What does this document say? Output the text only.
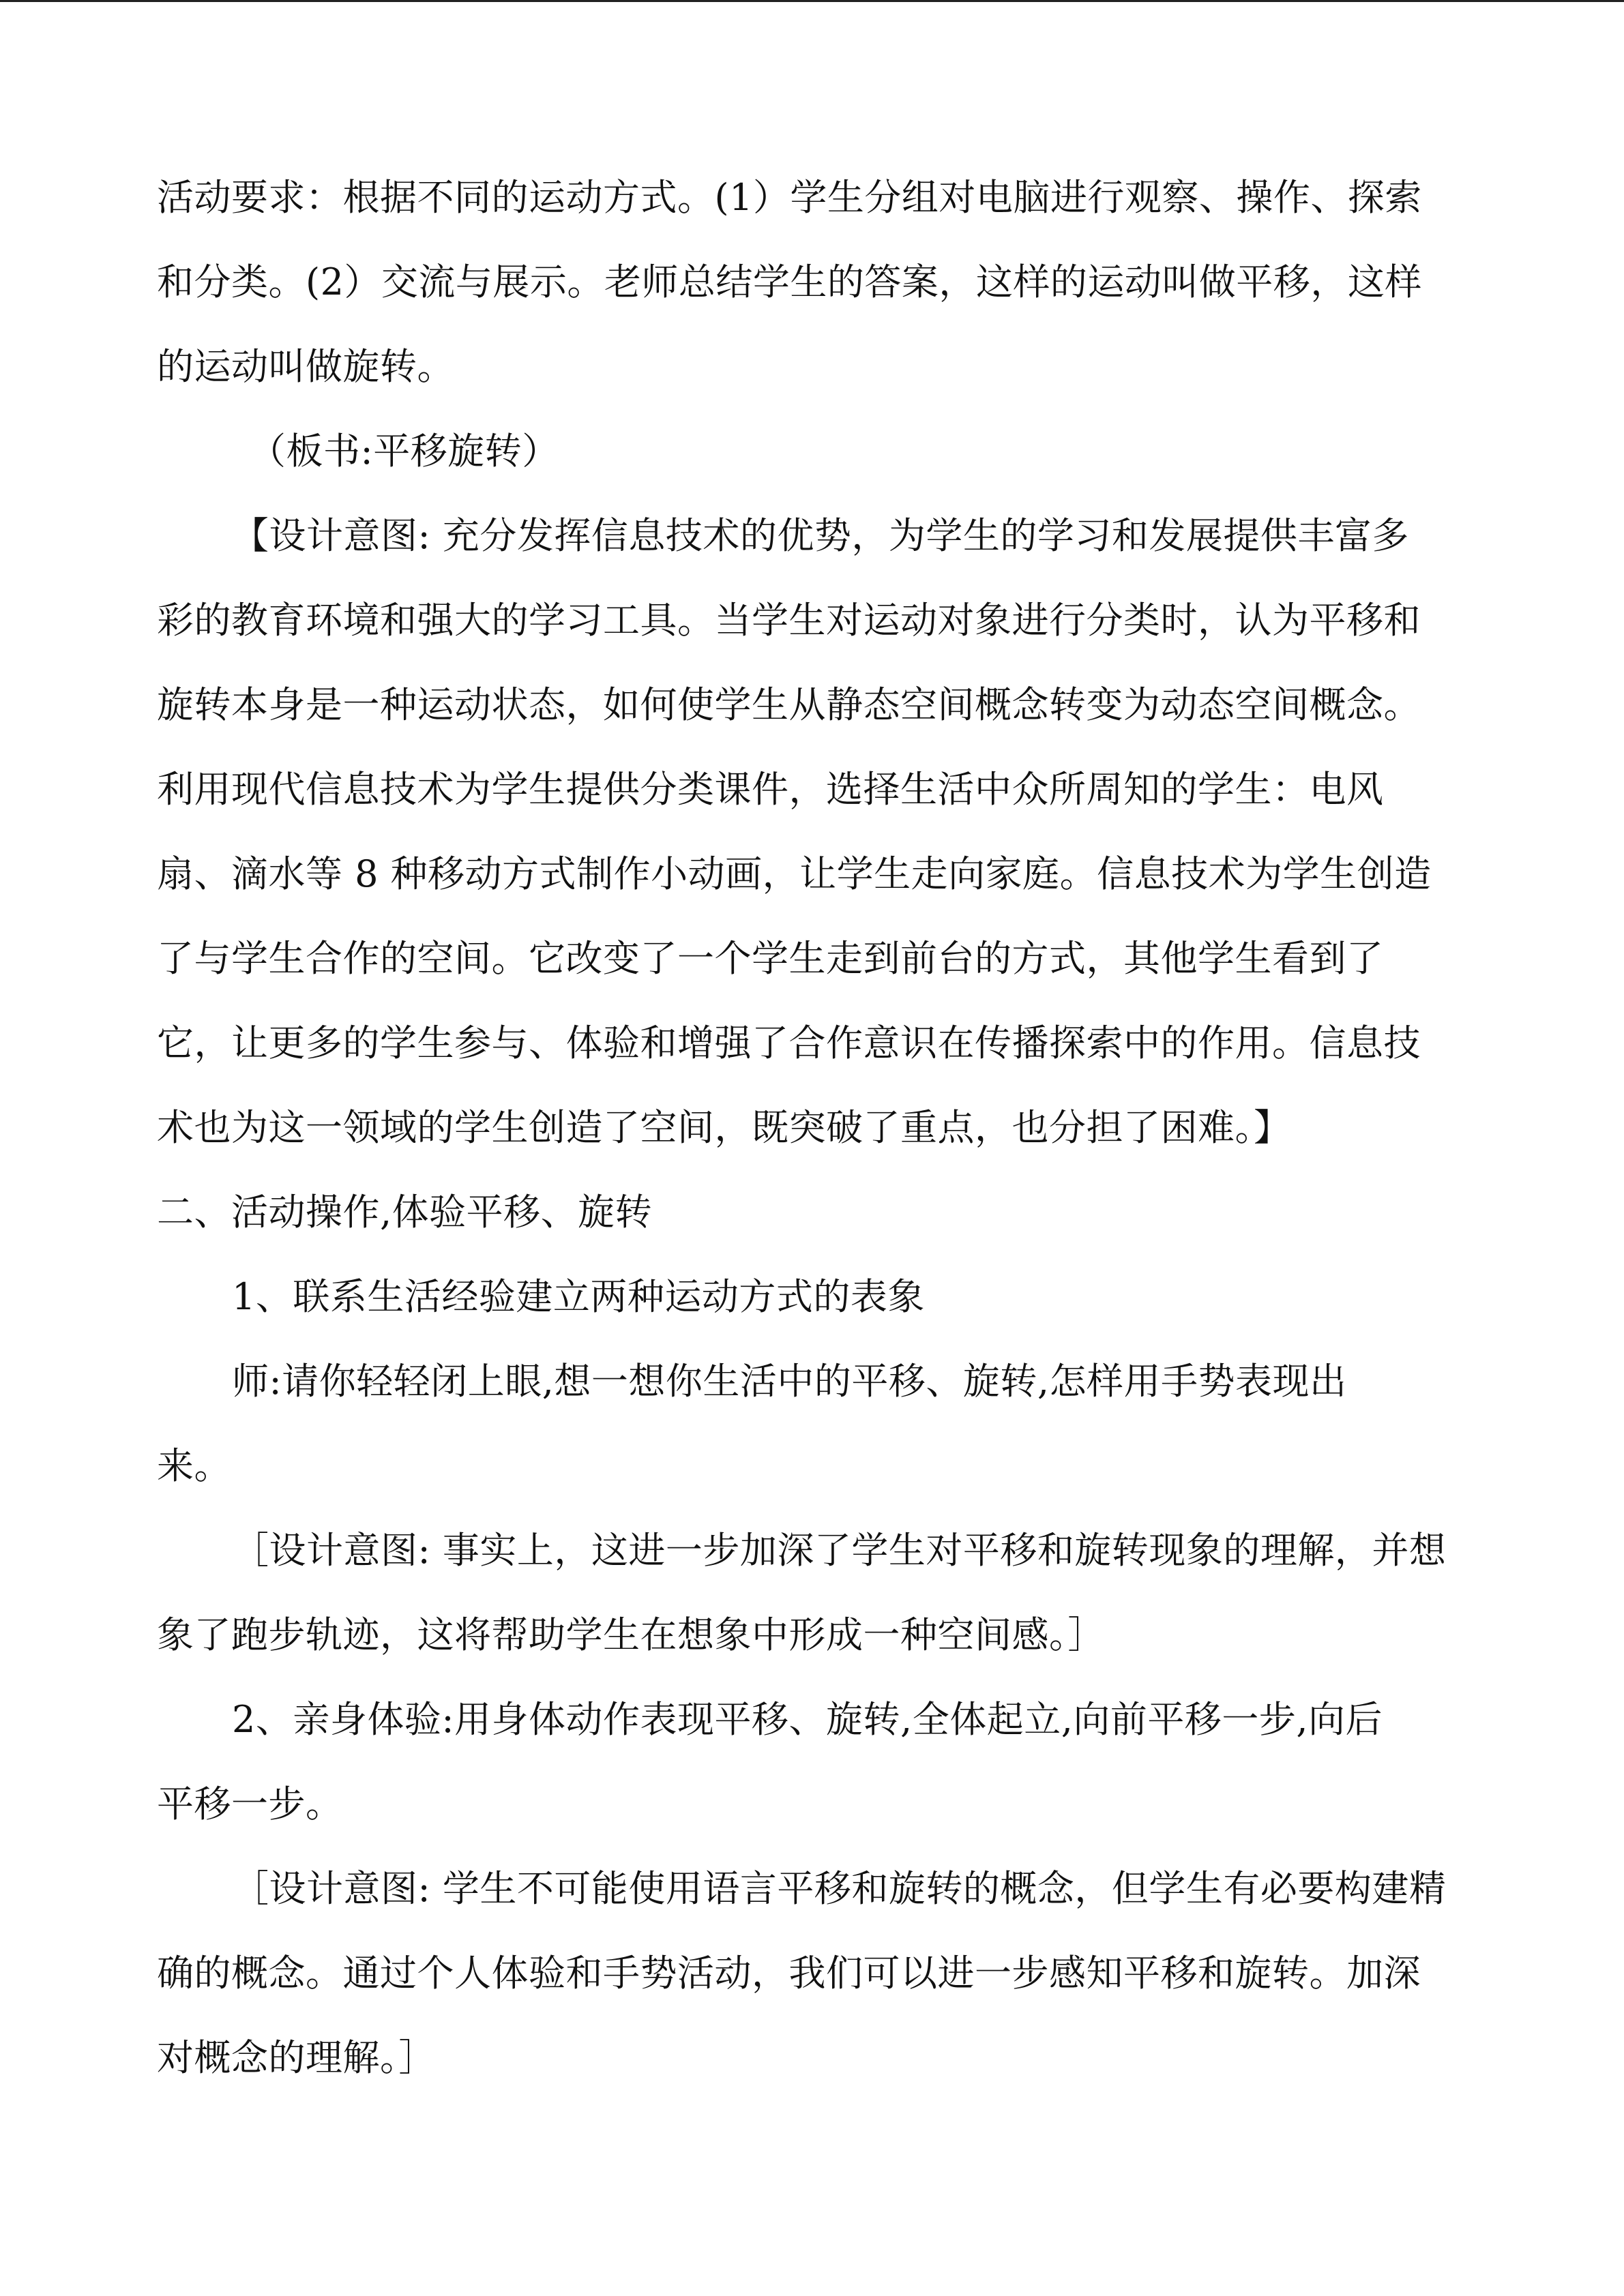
活动要求：根据不同的运动方式。(1）学生分组对电脑进行观察、操作、探索

和分类。(2）交流与展示。老师总结学生的答案，这样的运动叫做平移，这样

的运动叫做旋转。

（板书:平移旋转）

【设计意图: 充分发挥信息技术的优势，为学生的学习和发展提供丰富多

彩的教育环境和强大的学习工具。当学生对运动对象进行分类时，认为平移和

旋转本身是一种运动状态，如何使学生从静态空间概念转变为动态空间概念。

利用现代信息技术为学生提供分类课件，选择生活中众所周知的学生：电风

扇、滴水等 8 种移动方式制作小动画，让学生走向家庭。信息技术为学生创造

了与学生合作的空间。它改变了一个学生走到前台的方式，其他学生看到了

它，让更多的学生参与、体验和增强了合作意识在传播探索中的作用。信息技

术也为这一领域的学生创造了空间，既突破了重点，也分担了困难。】

二、活动操作,体验平移、旋转

1、联系生活经验建立两种运动方式的表象

师:请你轻轻闭上眼,想一想你生活中的平移、旋转,怎样用手势表现出

来。

［设计意图: 事实上，这进一步加深了学生对平移和旋转现象的理解，并想

象了跑步轨迹，这将帮助学生在想象中形成一种空间感。］

2、亲身体验:用身体动作表现平移、旋转,全体起立,向前平移一步,向后

平移一步。

［设计意图: 学生不可能使用语言平移和旋转的概念，但学生有必要构建精

确的概念。通过个人体验和手势活动，我们可以进一步感知平移和旋转。加深

对概念的理解。］
